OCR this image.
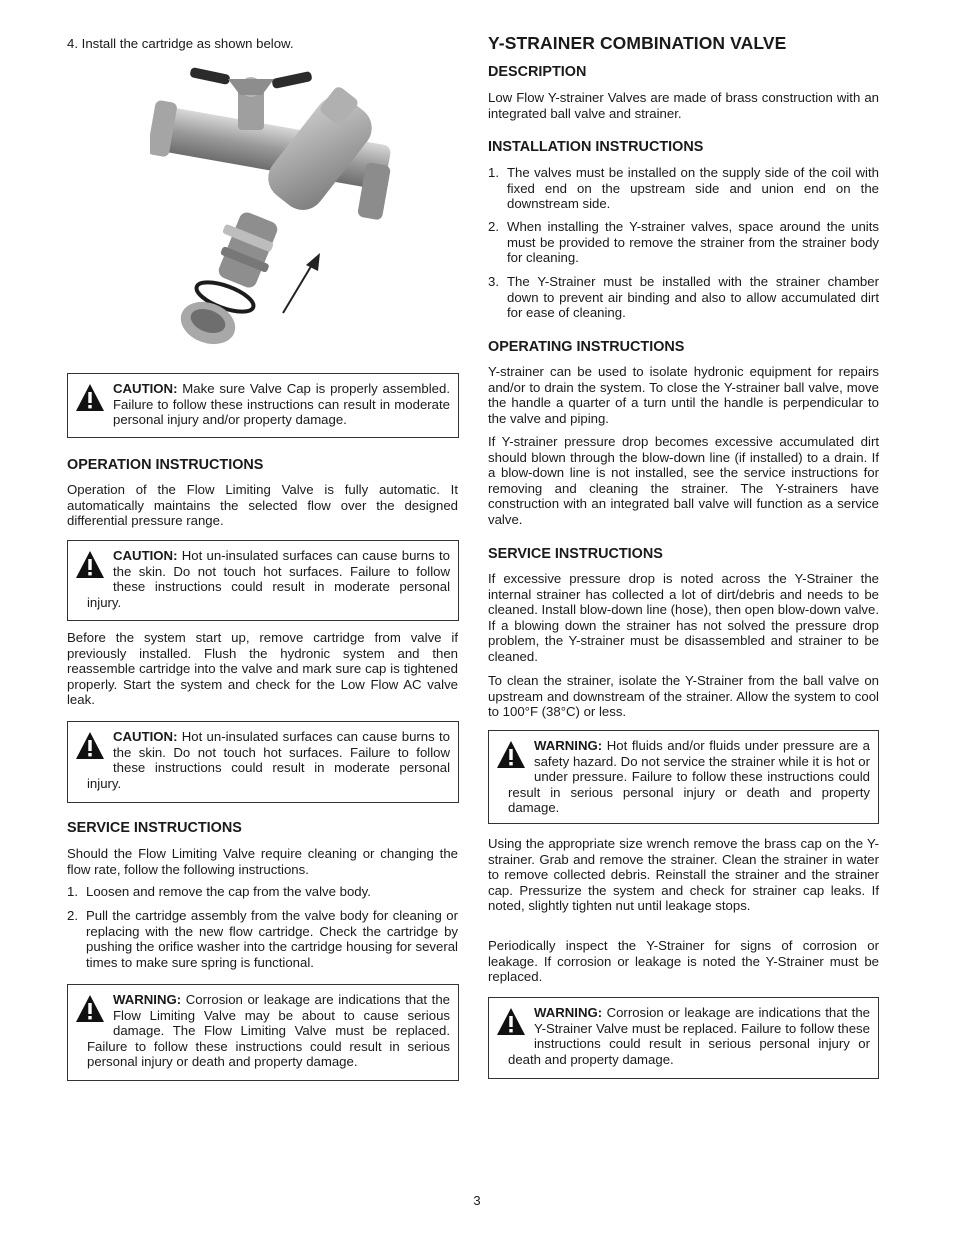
4. Install the cartridge as shown below.

CAUTION: Make sure Valve Cap is properly assembled. Failure to follow these instructions can result in moderate personal injury and/or property damage.
OPERATION INSTRUCTIONS

Operation of the Flow Limiting Valve is fully automatic. It automatically maintains the selected flow over the designed differential pressure range.

CAUTION: Hot un-insulated surfaces can cause burns to the skin. Do not touch hot surfaces. Failure to follow these instructions could result in moderate personal injury.

Before the system start up, remove cartridge from valve if previously installed. Flush the hydronic system and then reassemble cartridge into the valve and mark sure cap is tightened properly. Start the system and check for the Low Flow AC valve leak.

CAUTION: Hot un-insulated surfaces can cause burns to the skin. Do not touch hot surfaces. Failure to follow these instructions could result in moderate personal injury.
SERVICE INSTRUCTIONS

Should the Flow Limiting Valve require cleaning or changing the flow rate, follow the following instructions.

1. Loosen and remove the cap from the valve body.

2. Pull the cartridge assembly from the valve body for cleaning or replacing with the new flow cartridge. Check the cartridge by pushing the orifice washer into the cartridge housing for several times to make sure spring is functional.

WARNING: Corrosion or leakage are indications that the Flow Limiting Valve may be about to cause serious damage. The Flow Limiting Valve must be replaced. Failure to follow these instructions could result in serious personal injury or death and property damage.
Y-STRAINER COMBINATION VALVE
DESCRIPTION

Low Flow Y-strainer Valves are made of brass construction with an integrated ball valve and strainer.

INSTALLATION INSTRUCTIONS
1. The valves must be installed on the supply side of the coil with fixed end on the upstream side and union end on the downstream side.

2. When installing the Y-strainer valves, space around the units must be provided to remove the strainer from the strainer body for cleaning.

3. The Y-Strainer must be installed with the strainer chamber down to prevent air binding and also to allow accumulated dirt for ease of cleaning.

OPERATING INSTRUCTIONS

Y-strainer can be used to isolate hydronic equipment for repairs and/or to drain the system. To close the Y-strainer ball valve, move the handle a quarter of a turn until the handle is perpendicular to the valve and piping.

If Y-strainer pressure drop becomes excessive accumulated dirt should blown through the blow-down line (if installed) to a drain. If a blow-down line is not installed, see the service instructions for removing and cleaning the strainer. The Y-strainers have construction with an integrated ball valve will function as a service valve.

SERVICE INSTRUCTIONS

If excessive pressure drop is noted across the Y-Strainer the internal strainer has collected a lot of dirt/debris and needs to be cleaned. Install blow-down line (hose), then open blow-down valve. If a blowing down the strainer has not solved the pressure drop problem, the Y-strainer must be disassembled and strainer to be cleaned.

To clean the strainer, isolate the Y-Strainer from the ball valve on upstream and downstream of the strainer. Allow the system to cool to 100°F (38°C) or less.

WARNING: Hot fluids and/or fluids under pressure are a safety hazard. Do not service the strainer while it is hot or under pressure. Failure to follow these instructions could result in serious personal injury or death and property damage.

Using the appropriate size wrench remove the brass cap on the Y-strainer. Grab and remove the strainer. Clean the strainer in water to remove collected debris. Reinstall the strainer and the strainer cap. Pressurize the system and check for strainer cap leaks. If noted, slightly tighten nut until leakage stops.

Periodically inspect the Y-Strainer for signs of corrosion or leakage. If corrosion or leakage is noted the Y-Strainer must be replaced.

WARNING: Corrosion or leakage are indications that the Y-Strainer Valve must be replaced. Failure to follow these instructions could result in serious personal injury or death and property damage.
3
